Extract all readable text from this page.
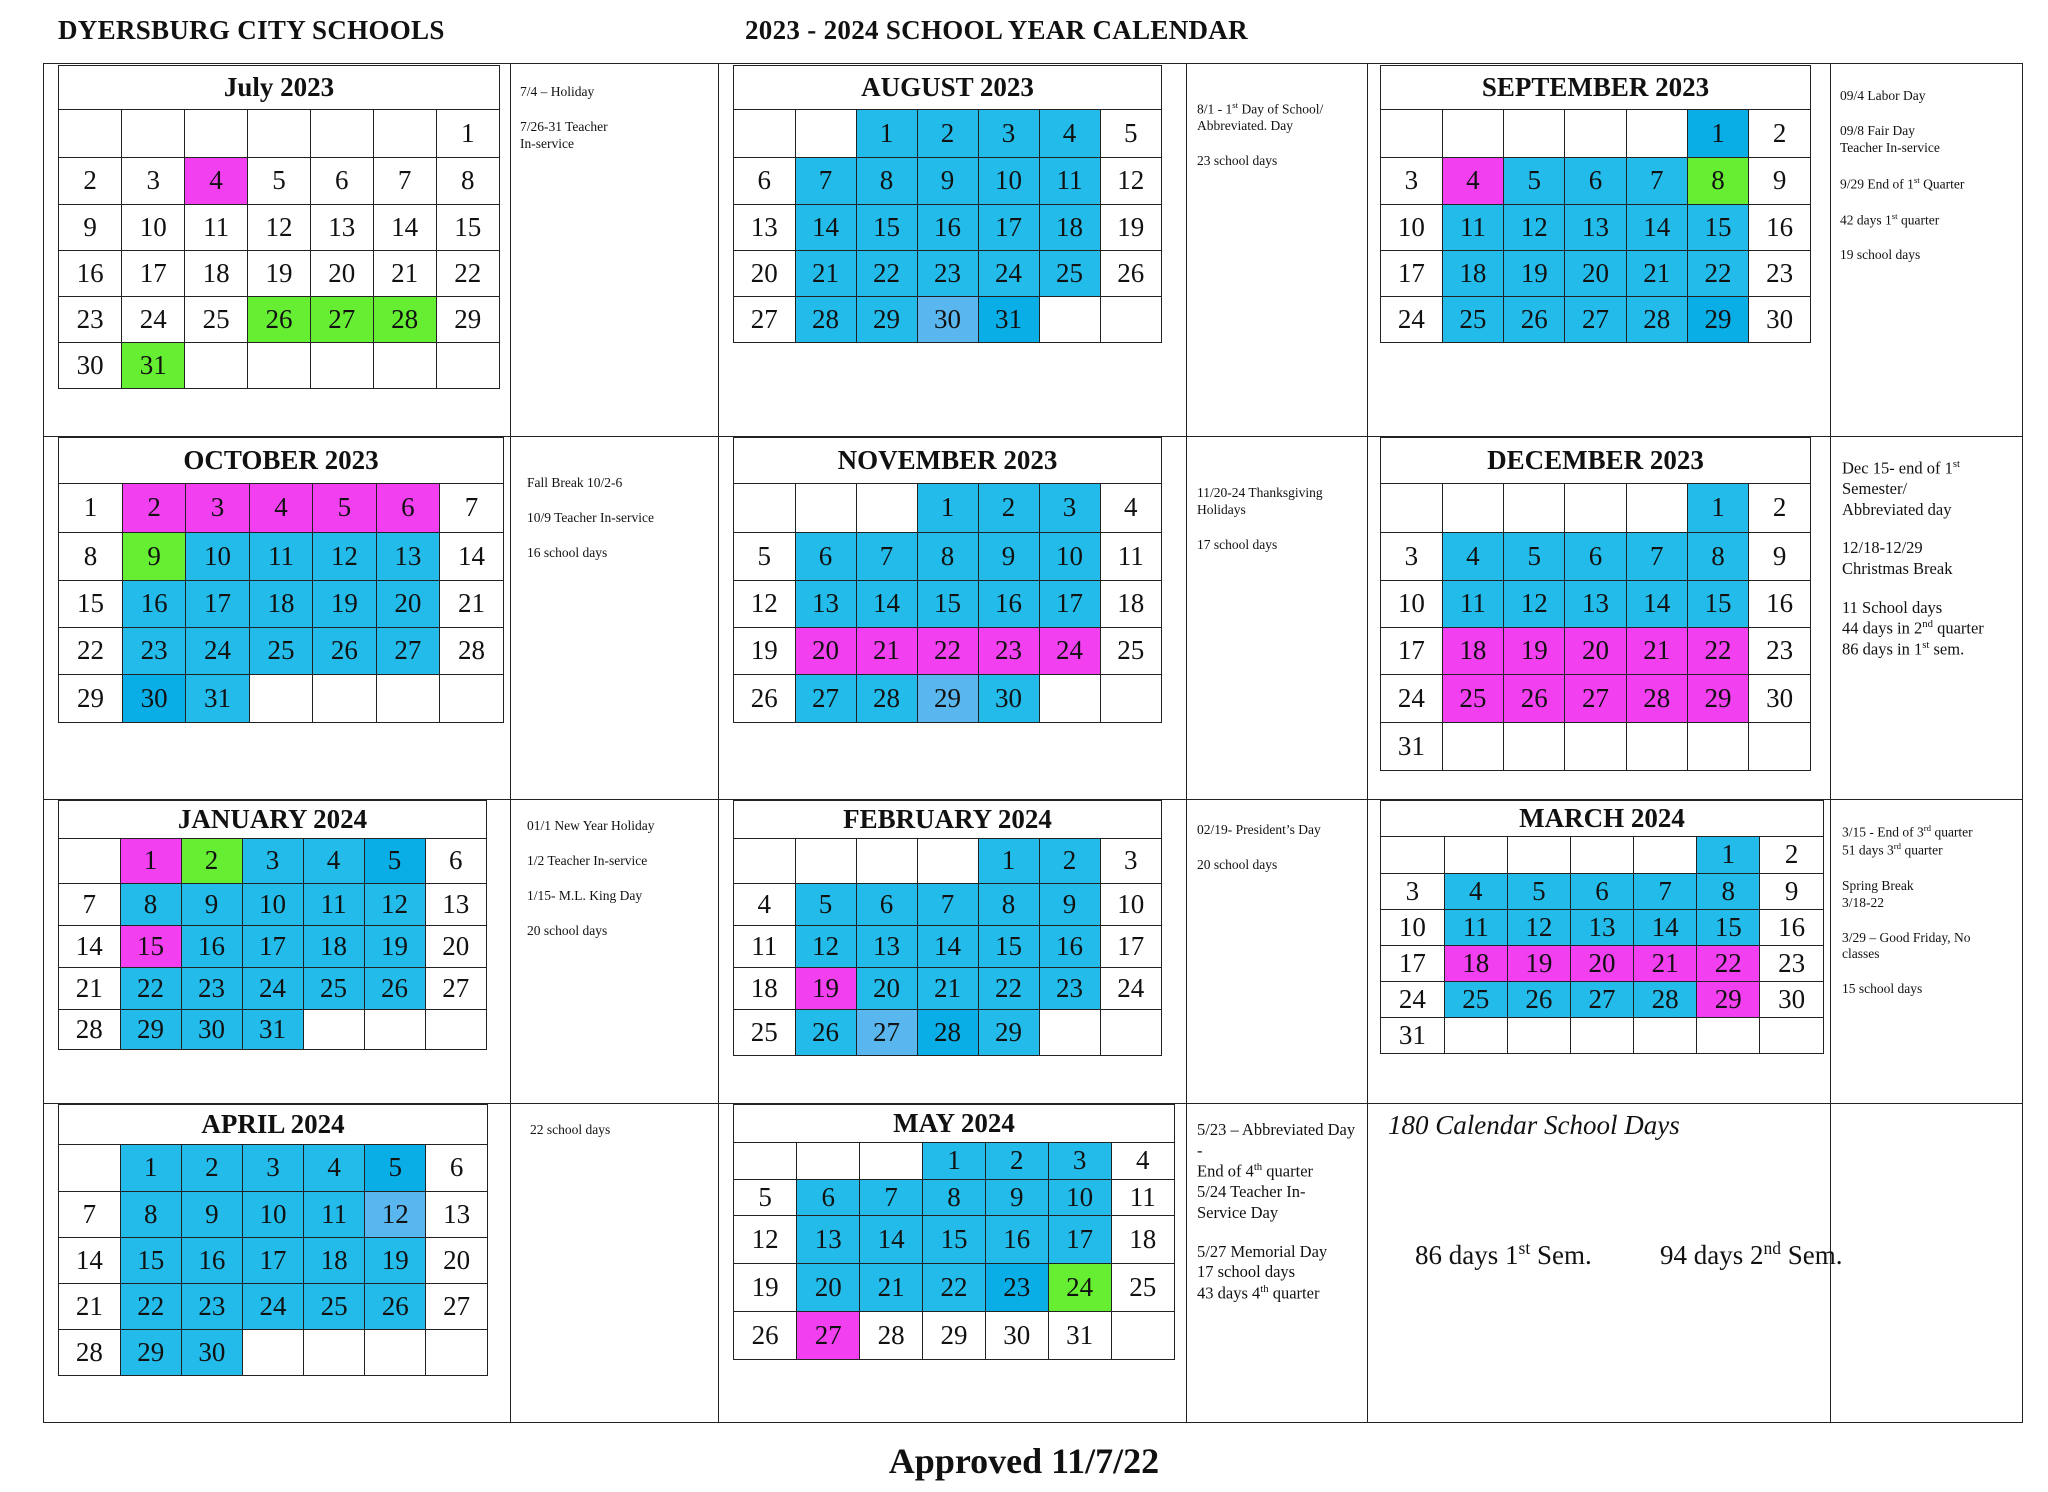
DYERSBURG CITY SCHOOLS	2023 - 2024 SCHOOL YEAR CALENDAR
July 2023
						1
2	3	4	5	6	7	8
9	10	11	12	13	14	15
16	17	18	19	20	21	22
23	24	25	26	27	28	29
30	31					
AUGUST 2023
		1	2	3	4	5
6	7	8	9	10	11	12
13	14	15	16	17	18	19
20	21	22	23	24	25	26
27	28	29	30	31		
SEPTEMBER 2023
					1	2
3	4	5	6	7	8	9
10	11	12	13	14	15	16
17	18	19	20	21	22	23
24	25	26	27	28	29	30
OCTOBER 2023
1	2	3	4	5	6	7
8	9	10	11	12	13	14
15	16	17	18	19	20	21
22	23	24	25	26	27	28
29	30	31				
NOVEMBER 2023
			1	2	3	4
5	6	7	8	9	10	11
12	13	14	15	16	17	18
19	20	21	22	23	24	25
26	27	28	29	30		
DECEMBER 2023
					1	2
3	4	5	6	7	8	9
10	11	12	13	14	15	16
17	18	19	20	21	22	23
24	25	26	27	28	29	30
31						
JANUARY 2024
	1	2	3	4	5	6
7	8	9	10	11	12	13
14	15	16	17	18	19	20
21	22	23	24	25	26	27
28	29	30	31			
FEBRUARY 2024
				1	2	3
4	5	6	7	8	9	10
11	12	13	14	15	16	17
18	19	20	21	22	23	24
25	26	27	28	29		
MARCH 2024
					1	2
3	4	5	6	7	8	9
10	11	12	13	14	15	16
17	18	19	20	21	22	23
24	25	26	27	28	29	30
31						
APRIL 2024
	1	2	3	4	5	6
7	8	9	10	11	12	13
14	15	16	17	18	19	20
21	22	23	24	25	26	27
28	29	30				
MAY 2024
			1	2	3	4
5	6	7	8	9	10	11
12	13	14	15	16	17	18
19	20	21	22	23	24	25
26	27	28	29	30	31	
7/4 – Holiday
7/26-31 Teacher
In-service
8/1 - 1st Day of School/
Abbreviated. Day
23 school days
09/4 Labor Day
09/8 Fair Day
Teacher In-service
9/29 End of 1st Quarter
42 days 1st quarter
19 school days
Fall Break 10/2-6
10/9 Teacher In-service
16 school days
11/20-24 Thanksgiving
Holidays
17 school days
Dec 15- end of 1st
Semester/
Abbreviated day
12/18-12/29
Christmas Break
11 School days
44 days in 2nd quarter
86 days in 1st sem.
01/1 New Year Holiday
1/2 Teacher In-service
1/15- M.L. King Day
20 school days
02/19- President’s Day
20 school days
3/15 - End of 3rd quarter
51 days 3rd quarter
Spring Break
3/18-22
3/29 – Good Friday, No
classes
15 school days
22 school days	5/23 – Abbreviated Day -
End of 4th quarter
5/24 Teacher In-
Service Day
5/27 Memorial Day
17 school days
43 days 4th quarter
180 Calendar School Days
86 days 1st Sem.	94 days 2nd Sem.
Approved 11/7/22
